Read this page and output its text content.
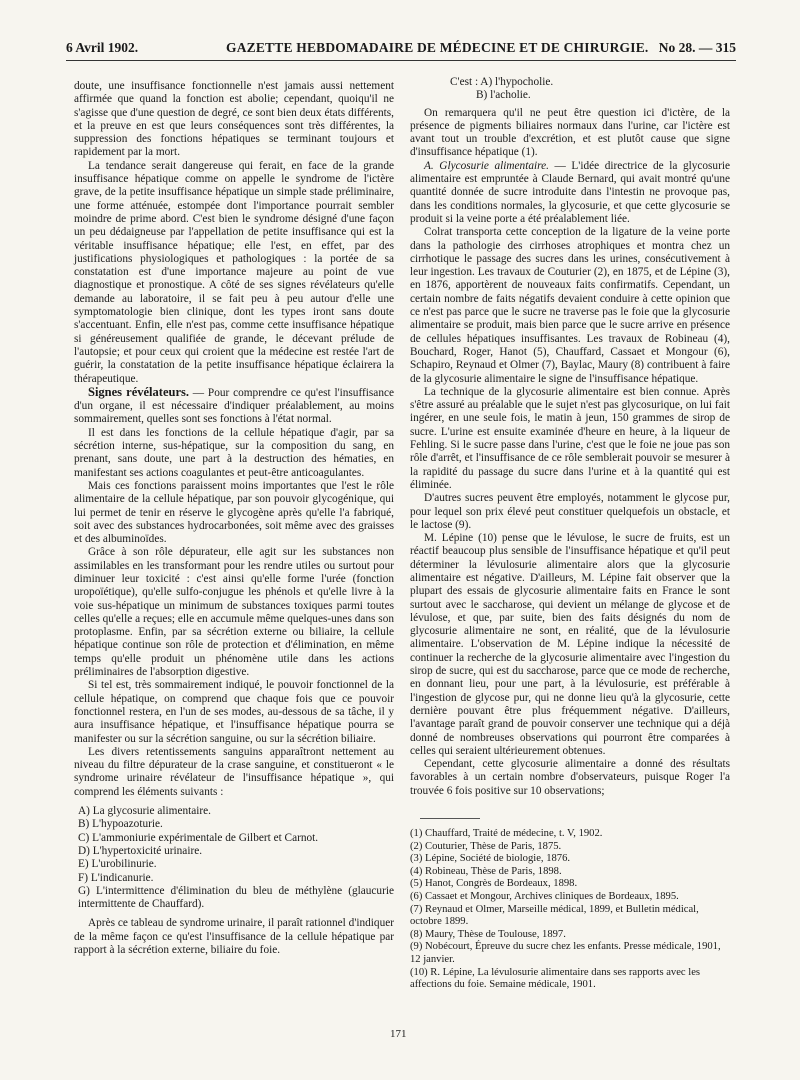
6 Avril 1902.	GAZETTE HEBDOMADAIRE DE MÉDECINE ET DE CHIRURGIE. No 28. — 315

doute, une insuffisance fonctionnelle n'est jamais aussi nettement affirmée que quand la fonction est abolie; cependant, quoiqu'il ne s'agisse que d'une question de degré, ce sont bien deux états différents, et la preuve en est que leurs conséquences sont très différentes, la suppression des fonctions hépatiques se terminant toujours et rapidement par la mort.

La tendance serait dangereuse qui ferait, en face de la grande insuffisance hépatique comme on appelle le syndrome de l'ictère grave, de la petite insuffisance hépatique un simple stade préliminaire, une forme atténuée, estompée dont l'importance pourrait sembler moindre de prime abord. C'est bien le syndrome désigné d'une façon un peu dédaigneuse par l'appellation de petite insuffisance qui est la véritable insuffisance hépatique; elle l'est, en effet, par des justifications physiologiques et pathologiques : la portée de sa constatation est d'une importance majeure au point de vue diagnostique et pronostique. A côté de ses signes révélateurs qu'elle demande au laboratoire, il se fait peu à peu autour d'elle une symptomatologie bien clinique, dont les types iront sans doute s'accentuant. Enfin, elle n'est pas, comme cette insuffisance hépatique si généreusement qualifiée de grande, le décevant prélude de l'autopsie; et pour ceux qui croient que la médecine est restée l'art de guérir, la constatation de la petite insuffisance hépatique éclairera la thérapeutique.

Signes révélateurs. — Pour comprendre ce qu'est l'insuffisance d'un organe, il est nécessaire d'indiquer préalablement, au moins sommairement, quelles sont ses fonctions à l'état normal.

Il est dans les fonctions de la cellule hépatique d'agir, par sa sécrétion interne, sus-hépatique, sur la composition du sang, en prenant, sans doute, une part à la destruction des hématies, en manifestant ses actions coagulantes et peut-être anticoagulantes.

Mais ces fonctions paraissent moins importantes que l'est le rôle alimentaire de la cellule hépatique, par son pouvoir glycogénique, qui lui permet de tenir en réserve le glycogène après qu'elle l'a fabriqué, soit avec des substances hydrocarbonées, soit même avec des graisses et des albuminoïdes.

Grâce à son rôle dépurateur, elle agit sur les substances non assimilables en les transformant pour les rendre utiles ou surtout pour diminuer leur toxicité : c'est ainsi qu'elle forme l'urée (fonction uropoïétique), qu'elle sulfo-conjugue les phénols et qu'elle livre à la voie sus-hépatique un minimum de substances toxiques parmi toutes celles qu'elle a reçues; elle en accumule même quelques-unes dans son protoplasme. Enfin, par sa sécrétion externe ou biliaire, la cellule hépatique continue son rôle de protection et d'élimination, en même temps qu'elle produit un phénomène utile dans les actions préliminaires de l'absorption digestive.

Si tel est, très sommairement indiqué, le pouvoir fonctionnel de la cellule hépatique, on comprend que chaque fois que ce pouvoir fonctionnel restera, en l'un de ses modes, au-dessous de sa tâche, il y aura insuffisance hépatique, et l'insuffisance hépatique pourra se manifester ou sur la sécrétion sanguine, ou sur la sécrétion biliaire.

Les divers retentissements sanguins apparaîtront nettement au niveau du filtre dépurateur de la crase sanguine, et constitueront « le syndrome urinaire révélateur de l'insuffisance hépatique », qui comprend les éléments suivants :

A) La glycosurie alimentaire.
B) L'hypoazoturie.
C) L'ammoniurie expérimentale de Gilbert et Carnot.
D) L'hypertoxicité urinaire.
E) L'urobilinurie.
F) L'indicanurie.
G) L'intermittence d'élimination du bleu de méthylène (glaucurie intermittente de Chauffard).

Après ce tableau de syndrome urinaire, il paraît rationnel d'indiquer de la même façon ce qu'est l'insuffisance de la cellule hépatique par rapport à la sécrétion externe, biliaire du foie.

C'est : A) l'hypocholie.
B) l'acholie.

On remarquera qu'il ne peut être question ici d'ictère, de la présence de pigments biliaires normaux dans l'urine, car l'ictère est avant tout un trouble d'excrétion, et est plutôt cause que signe d'insuffisance hépatique (1).

A. Glycosurie alimentaire. — L'idée directrice de la glycosurie alimentaire est empruntée à Claude Bernard, qui avait montré qu'une quantité donnée de sucre introduite dans l'intestin ne provoque pas, dans les conditions normales, la glycosurie, et que cette glycosurie se produit si la veine porte a été préalablement liée.

Colrat transporta cette conception de la ligature de la veine porte dans la pathologie des cirrhoses atrophiques et montra chez un cirrhotique le passage des sucres dans les urines, consécutivement à leur ingestion. Les travaux de Couturier (2), en 1875, et de Lépine (3), en 1876, apportèrent de nouveaux faits confirmatifs. Cependant, un certain nombre de faits négatifs devaient conduire à cette opinion que ce n'est pas parce que le sucre ne traverse pas le foie que la glycosurie alimentaire se produit, mais bien parce que le sucre arrive en présence de cellules hépatiques insuffisantes. Les travaux de Robineau (4), Bouchard, Roger, Hanot (5), Chauffard, Cassaet et Mongour (6), Schapiro, Reynaud et Olmer (7), Baylac, Maury (8) contribuent à faire de la glycosurie alimentaire le signe de l'insuffisance hépatique.

La technique de la glycosurie alimentaire est bien connue. Après s'être assuré au préalable que le sujet n'est pas glycosurique, on lui fait ingérer, en une seule fois, le matin à jeun, 150 grammes de sirop de sucre. L'urine est ensuite examinée d'heure en heure, à la liqueur de Fehling. Si le sucre passe dans l'urine, c'est que le foie ne joue pas son rôle d'arrêt, et l'insuffisance de ce rôle semblerait pouvoir se mesurer à la rapidité du passage du sucre dans l'urine et à la quantité qui est éliminée.

D'autres sucres peuvent être employés, notamment le glycose pur, pour lequel son prix élevé peut constituer quelquefois un obstacle, et le lactose (9).

M. Lépine (10) pense que le lévulose, le sucre de fruits, est un réactif beaucoup plus sensible de l'insuffisance hépatique et qu'il peut déterminer la lévulosurie alimentaire alors que la glycosurie alimentaire est négative. D'ailleurs, M. Lépine fait observer que la plupart des essais de glycosurie alimentaire faits en France le sont surtout avec le saccharose, qui devient un mélange de glycose et de lévulose, et que, par suite, bien des faits désignés du nom de glycosurie alimentaire ne sont, en réalité, que de la lévulosurie alimentaire. L'observation de M. Lépine indique la nécessité de continuer la recherche de la glycosurie alimentaire avec l'ingestion du sirop de sucre, qui est du saccharose, parce que ce mode de recherche, en donnant lieu, pour une part, à la lévulosurie, est préférable à l'ingestion de glycose pur, qui ne donne lieu qu'à la glycosurie, cette dernière pouvant être plus fréquemment négative. D'ailleurs, l'avantage paraît grand de pouvoir conserver une technique qui a déjà donné de nombreuses observations qui pourront être comparées à celles qui seraient ultérieurement obtenues.

Cependant, cette glycosurie alimentaire a donné des résultats favorables à un certain nombre d'observateurs, puisque Roger l'a trouvée 6 fois positive sur 10 observations;

(1) Chauffard, Traité de médecine, t. V, 1902.
(2) Couturier, Thèse de Paris, 1875.
(3) Lépine, Société de biologie, 1876.
(4) Robineau, Thèse de Paris, 1898.
(5) Hanot, Congrès de Bordeaux, 1898.
(6) Cassaet et Mongour, Archives cliniques de Bordeaux, 1895.
(7) Reynaud et Olmer, Marseille médical, 1899, et Bulletin médical, octobre 1899.
(8) Maury, Thèse de Toulouse, 1897.
(9) Nobécourt, Épreuve du sucre chez les enfants. Presse médicale, 1901, 12 janvier.
(10) R. Lépine, La lévulosurie alimentaire dans ses rapports avec les affections du foie. Semaine médicale, 1901.
171
